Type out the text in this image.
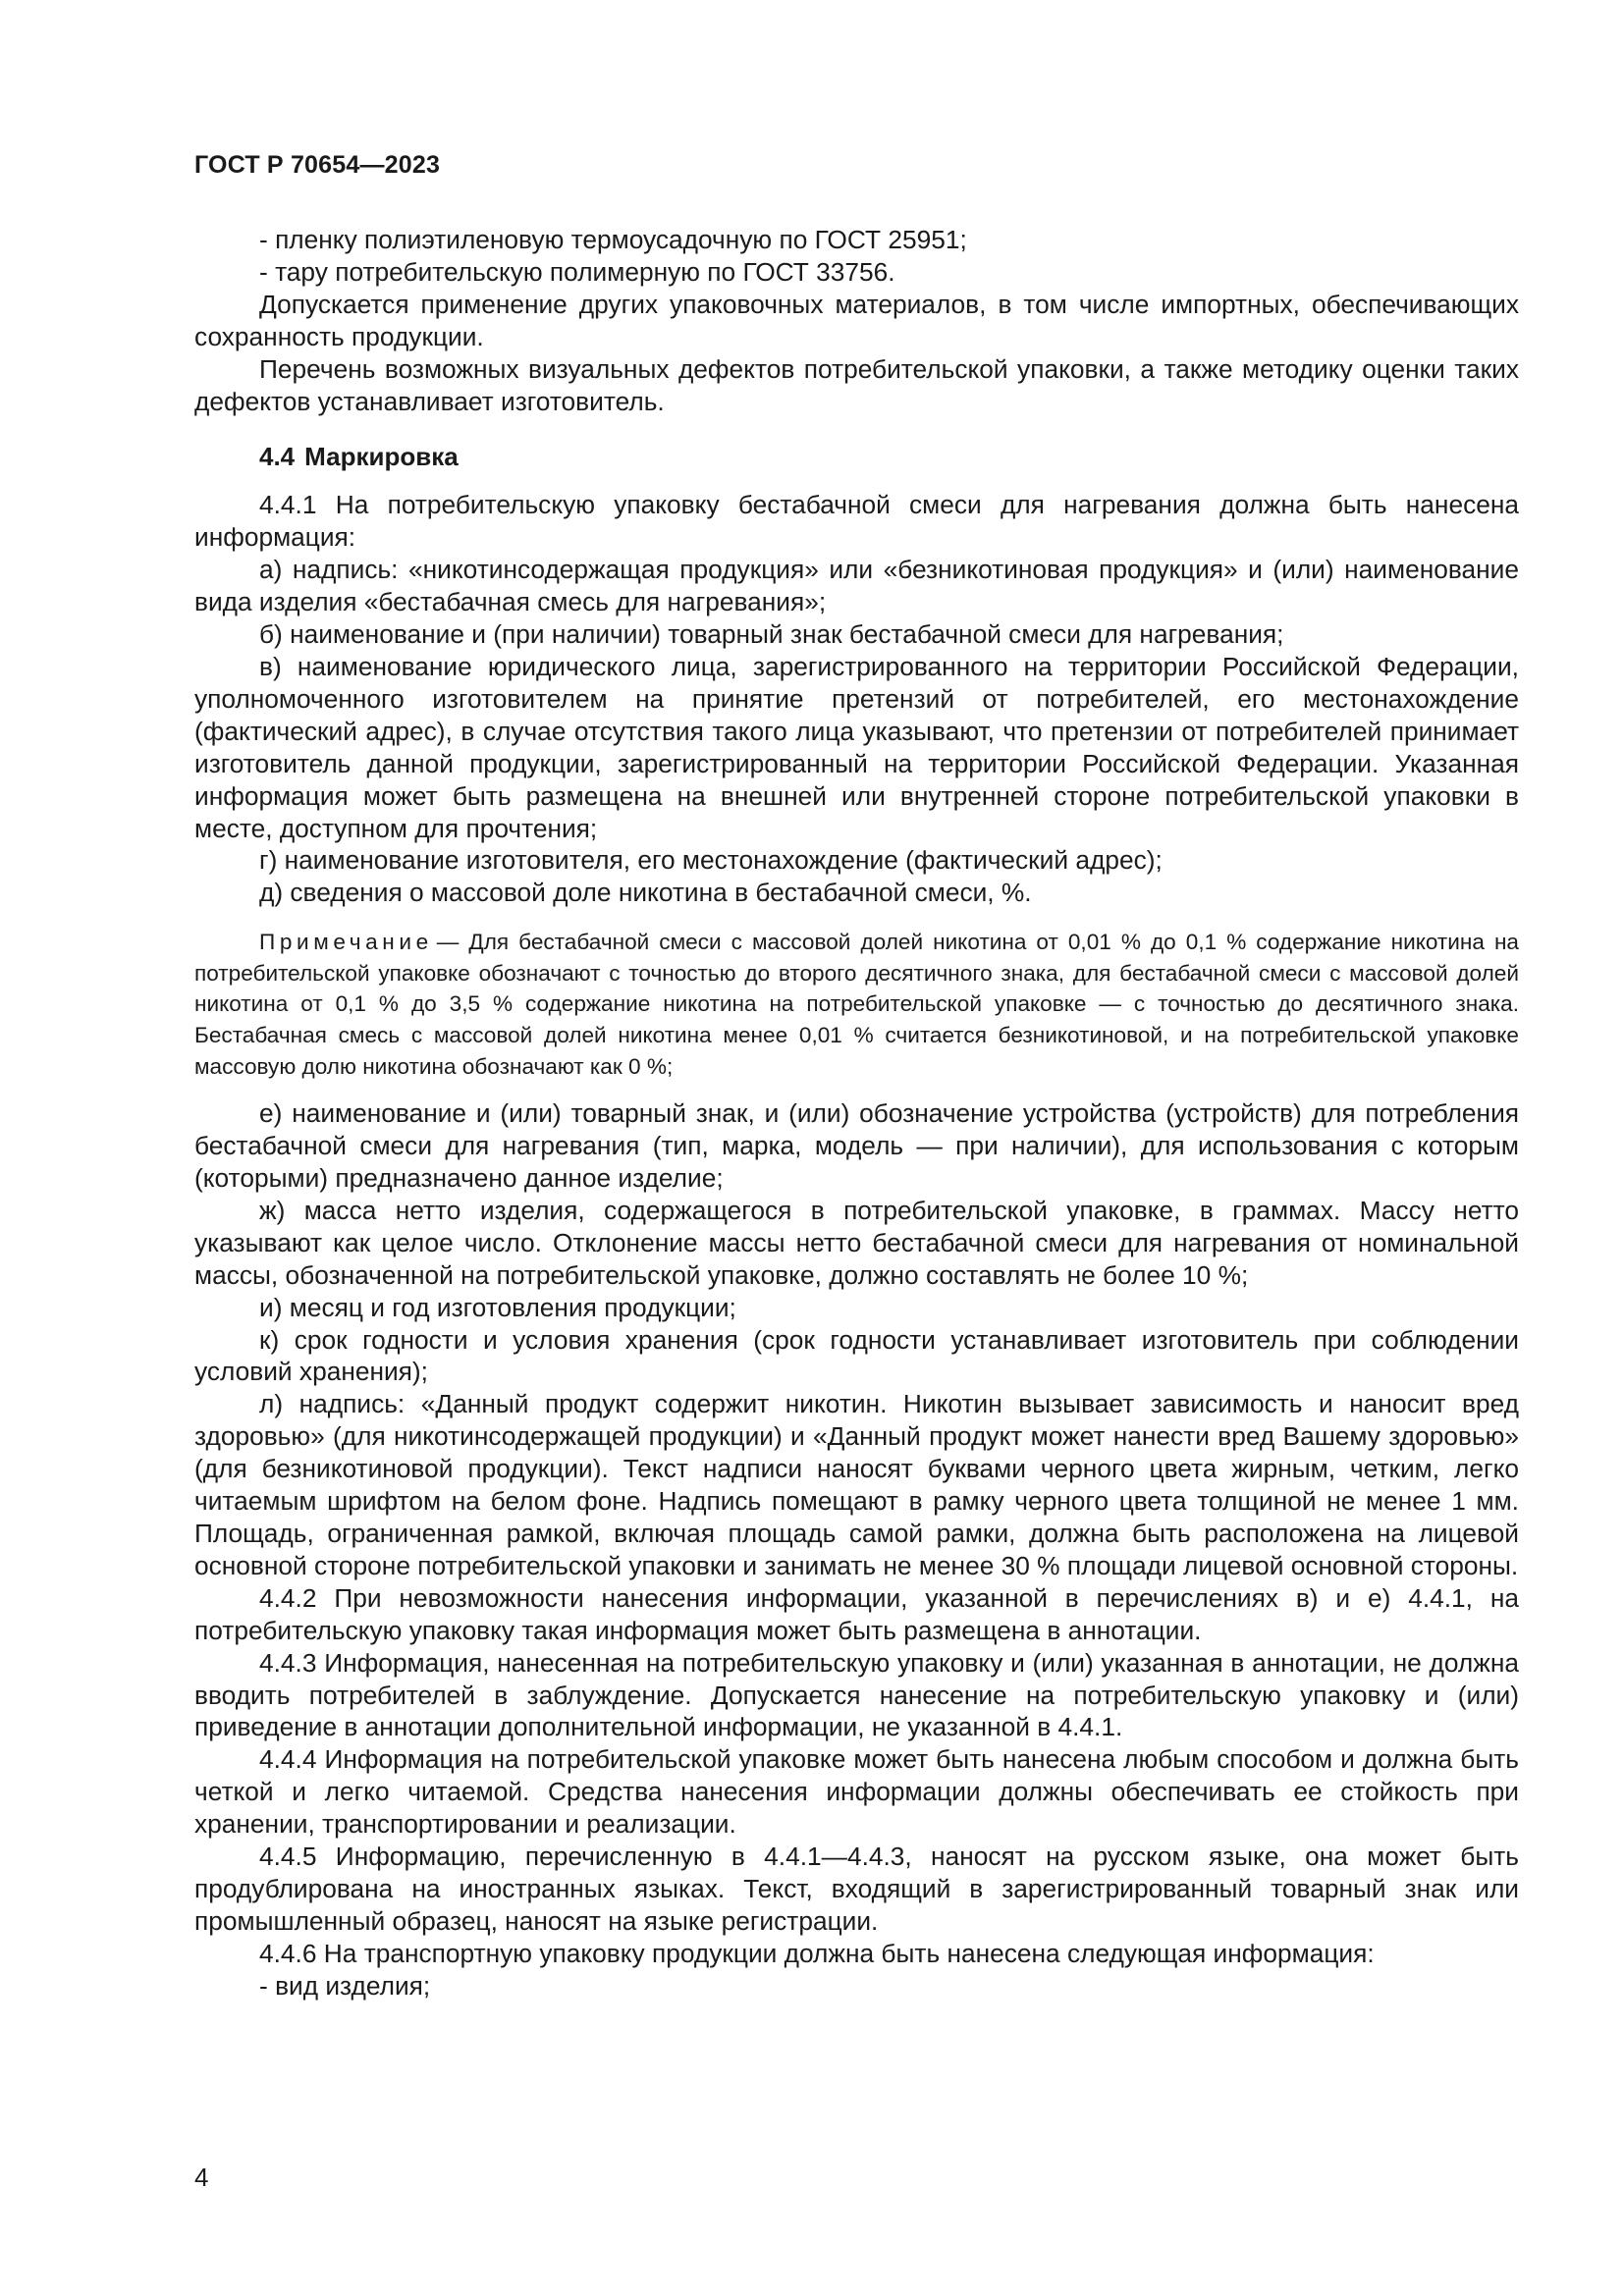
ГОСТ Р 70654—2023

- пленку полиэтиленовую термоусадочную по ГОСТ 25951;

- тару потребительскую полимерную по ГОСТ 33756.

Допускается применение других упаковочных материалов, в том числе импортных, обеспечивающих сохранность продукции.

Перечень возможных визуальных дефектов потребительской упаковки, а также методику оценки таких дефектов устанавливает изготовитель.

4.4 Маркировка

4.4.1 На потребительскую упаковку бестабачной смеси для нагревания должна быть нанесена информация:

а) надпись: «никотинсодержащая продукция» или «безникотиновая продукция» и (или) наименование вида изделия «бестабачная смесь для нагревания»;

б) наименование и (при наличии) товарный знак бестабачной смеси для нагревания;

в) наименование юридического лица, зарегистрированного на территории Российской Федерации, уполномоченного изготовителем на принятие претензий от потребителей, его местонахождение (фактический адрес), в случае отсутствия такого лица указывают, что претензии от потребителей принимает изготовитель данной продукции, зарегистрированный на территории Российской Федерации. Указанная информация может быть размещена на внешней или внутренней стороне потребительской упаковки в месте, доступном для прочтения;

г) наименование изготовителя, его местонахождение (фактический адрес);

д) сведения о массовой доле никотина в бестабачной смеси, %.

Примечание — Для бестабачной смеси с массовой долей никотина от 0,01 % до 0,1 % содержание никотина на потребительской упаковке обозначают с точностью до второго десятичного знака, для бестабачной смеси с массовой долей никотина от 0,1 % до 3,5 % содержание никотина на потребительской упаковке — с точностью до десятичного знака. Бестабачная смесь с массовой долей никотина менее 0,01 % считается безникотиновой, и на потребительской упаковке массовую долю никотина обозначают как 0 %;

е) наименование и (или) товарный знак, и (или) обозначение устройства (устройств) для потребления бестабачной смеси для нагревания (тип, марка, модель — при наличии), для использования с которым (которыми) предназначено данное изделие;

ж) масса нетто изделия, содержащегося в потребительской упаковке, в граммах. Массу нетто указывают как целое число. Отклонение массы нетто бестабачной смеси для нагревания от номинальной массы, обозначенной на потребительской упаковке, должно составлять не более 10 %;

и) месяц и год изготовления продукции;

к) срок годности и условия хранения (срок годности устанавливает изготовитель при соблюдении условий хранения);

л) надпись: «Данный продукт содержит никотин. Никотин вызывает зависимость и наносит вред здоровью» (для никотинсодержащей продукции) и «Данный продукт может нанести вред Вашему здоровью» (для безникотиновой продукции). Текст надписи наносят буквами черного цвета жирным, четким, легко читаемым шрифтом на белом фоне. Надпись помещают в рамку черного цвета толщиной не менее 1 мм. Площадь, ограниченная рамкой, включая площадь самой рамки, должна быть расположена на лицевой основной стороне потребительской упаковки и занимать не менее 30 % площади лицевой основной стороны.

4.4.2 При невозможности нанесения информации, указанной в перечислениях в) и е) 4.4.1, на потребительскую упаковку такая информация может быть размещена в аннотации.

4.4.3 Информация, нанесенная на потребительскую упаковку и (или) указанная в аннотации, не должна вводить потребителей в заблуждение. Допускается нанесение на потребительскую упаковку и (или) приведение в аннотации дополнительной информации, не указанной в 4.4.1.

4.4.4 Информация на потребительской упаковке может быть нанесена любым способом и должна быть четкой и легко читаемой. Средства нанесения информации должны обеспечивать ее стойкость при хранении, транспортировании и реализации.

4.4.5 Информацию, перечисленную в 4.4.1—4.4.3, наносят на русском языке, она может быть продублирована на иностранных языках. Текст, входящий в зарегистрированный товарный знак или промышленный образец, наносят на языке регистрации.

4.4.6 На транспортную упаковку продукции должна быть нанесена следующая информация:

- вид изделия;

4
